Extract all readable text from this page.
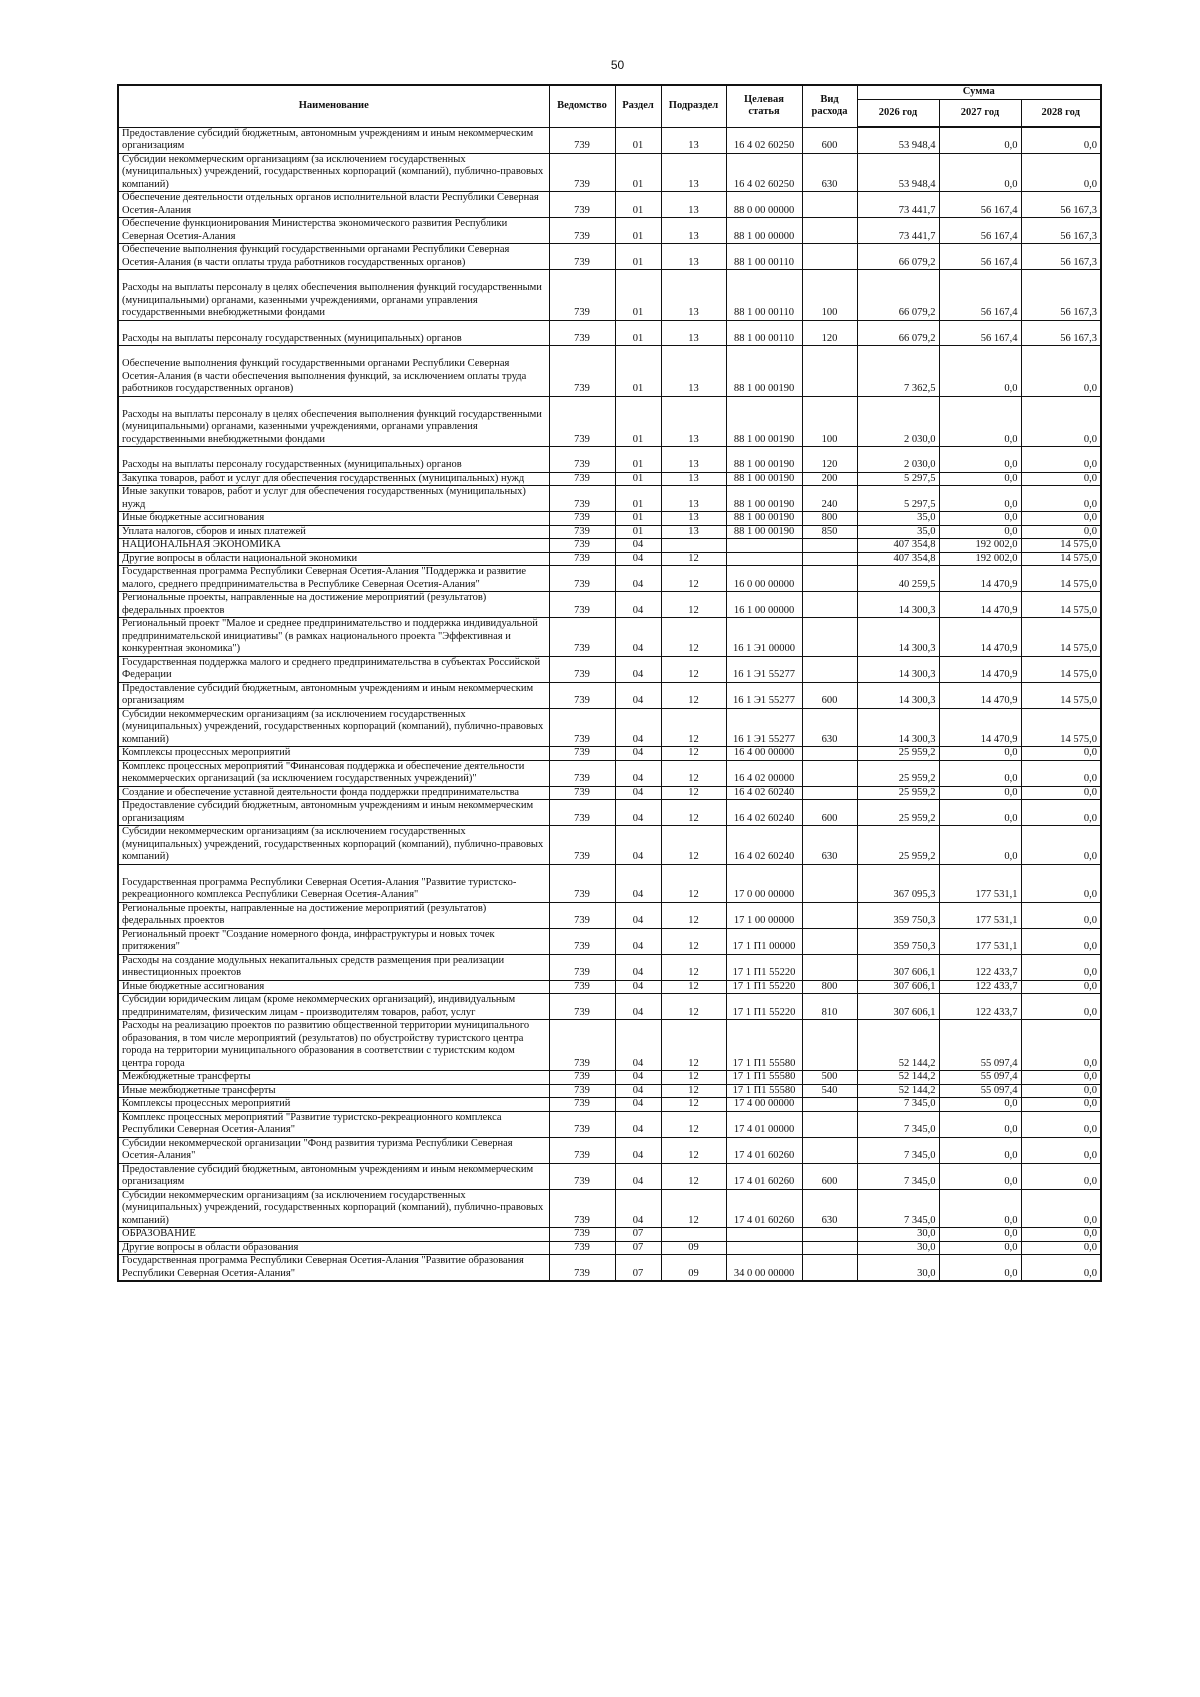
50
Наименование	Ведомство	Раздел	Подраздел	Целевая статья	Вид расхода	Сумма		
						2026 год	2027 год	2028 год
Предоставление субсидий бюджетным, автономным учреждениям и иным некоммерческим организациям	739	01	13	16 4 02 60250	600	53 948,4	0,0	0,0
Субсидии некоммерческим организациям (за исключением государственных (муниципальных) учреждений, государственных корпораций (компаний), публично-правовых компаний)	739	01	13	16 4 02 60250	630	53 948,4	0,0	0,0
Обеспечение деятельности отдельных органов исполнительной власти Республики Северная Осетия-Алания	739	01	13	88 0 00 00000		73 441,7	56 167,4	56 167,3
Обеспечение функционирования Министерства экономического развития Республики Северная Осетия-Алания	739	01	13	88 1 00 00000		73 441,7	56 167,4	56 167,3
Обеспечение выполнения функций государственными органами Республики Северная Осетия-Алания (в части оплаты труда работников государственных органов)	739	01	13	88 1 00 00110		66 079,2	56 167,4	56 167,3
Расходы на выплаты персоналу в целях обеспечения выполнения функций государственными (муниципальными) органами, казенными учреждениями, органами управления государственными внебюджетными фондами	739	01	13	88 1 00 00110	100	66 079,2	56 167,4	56 167,3
Расходы на выплаты персоналу государственных (муниципальных) органов	739	01	13	88 1 00 00110	120	66 079,2	56 167,4	56 167,3
Обеспечение выполнения функций государственными органами Республики Северная Осетия-Алания (в части обеспечения выполнения функций, за исключением оплаты труда работников государственных органов)	739	01	13	88 1 00 00190		7 362,5	0,0	0,0
Расходы на выплаты персоналу в целях обеспечения выполнения функций государственными (муниципальными) органами, казенными учреждениями, органами управления государственными внебюджетными фондами	739	01	13	88 1 00 00190	100	2 030,0	0,0	0,0
Расходы на выплаты персоналу государственных (муниципальных) органов	739	01	13	88 1 00 00190	120	2 030,0	0,0	0,0
Закупка товаров, работ и услуг для обеспечения государственных (муниципальных) нужд	739	01	13	88 1 00 00190	200	5 297,5	0,0	0,0
Иные закупки товаров, работ и услуг для обеспечения государственных (муниципальных) нужд	739	01	13	88 1 00 00190	240	5 297,5	0,0	0,0
Иные бюджетные ассигнования	739	01	13	88 1 00 00190	800	35,0	0,0	0,0
Уплата налогов, сборов и иных платежей	739	01	13	88 1 00 00190	850	35,0	0,0	0,0
НАЦИОНАЛЬНАЯ ЭКОНОМИКА	739	04				407 354,8	192 002,0	14 575,0
Другие вопросы в области национальной экономики	739	04	12			407 354,8	192 002,0	14 575,0
Государственная программа Республики Северная Осетия-Алания "Поддержка и развитие малого, среднего предпринимательства в Республике Северная Осетия-Алания"	739	04	12	16 0 00 00000		40 259,5	14 470,9	14 575,0
Региональные проекты, направленные на достижение мероприятий (результатов) федеральных проектов	739	04	12	16 1 00 00000		14 300,3	14 470,9	14 575,0
Региональный проект "Малое и среднее предпринимательство и поддержка индивидуальной предпринимательской инициативы" (в рамках национального проекта "Эффективная и конкурентная экономика")	739	04	12	16 1 Э1 00000		14 300,3	14 470,9	14 575,0
Государственная поддержка малого и среднего предпринимательства в субъектах Российской Федерации	739	04	12	16 1 Э1 55277		14 300,3	14 470,9	14 575,0
Предоставление субсидий бюджетным, автономным учреждениям и иным некоммерческим организациям	739	04	12	16 1 Э1 55277	600	14 300,3	14 470,9	14 575,0
Субсидии некоммерческим организациям (за исключением государственных (муниципальных) учреждений, государственных корпораций (компаний), публично-правовых компаний)	739	04	12	16 1 Э1 55277	630	14 300,3	14 470,9	14 575,0
Комплексы процессных мероприятий	739	04	12	16 4 00 00000		25 959,2	0,0	0,0
Комплекс процессных мероприятий "Финансовая поддержка и обеспечение деятельности некоммерческих организаций (за исключением государственных учреждений)"	739	04	12	16 4 02 00000		25 959,2	0,0	0,0
Создание и обеспечение уставной деятельности фонда поддержки предпринимательства	739	04	12	16 4 02 60240		25 959,2	0,0	0,0
Предоставление субсидий бюджетным, автономным учреждениям и иным некоммерческим организациям	739	04	12	16 4 02 60240	600	25 959,2	0,0	0,0
Субсидии некоммерческим организациям (за исключением государственных (муниципальных) учреждений, государственных корпораций (компаний), публично-правовых компаний)	739	04	12	16 4 02 60240	630	25 959,2	0,0	0,0
Государственная программа Республики Северная Осетия-Алания "Развитие туристско-рекреационного комплекса Республики Северная Осетия-Алания"	739	04	12	17 0 00 00000		367 095,3	177 531,1	0,0
Региональные проекты, направленные на достижение мероприятий (результатов) федеральных проектов	739	04	12	17 1 00 00000		359 750,3	177 531,1	0,0
Региональный проект "Создание номерного фонда, инфраструктуры и новых точек притяжения"	739	04	12	17 1 П1 00000		359 750,3	177 531,1	0,0
Расходы на создание модульных некапитальных средств размещения при реализации инвестиционных проектов	739	04	12	17 1 П1 55220		307 606,1	122 433,7	0,0
Иные бюджетные ассигнования	739	04	12	17 1 П1 55220	800	307 606,1	122 433,7	0,0
Субсидии юридическим лицам (кроме некоммерческих организаций), индивидуальным предпринимателям, физическим лицам - производителям товаров, работ, услуг	739	04	12	17 1 П1 55220	810	307 606,1	122 433,7	0,0
Расходы на реализацию проектов по развитию общественной территории муниципального образования, в том числе мероприятий (результатов) по обустройству туристского центра города на территории муниципального образования в соответствии с туристским кодом центра города	739	04	12	17 1 П1 55580		52 144,2	55 097,4	0,0
Межбюджетные трансферты	739	04	12	17 1 П1 55580	500	52 144,2	55 097,4	0,0
Иные межбюджетные трансферты	739	04	12	17 1 П1 55580	540	52 144,2	55 097,4	0,0
Комплексы процессных мероприятий	739	04	12	17 4 00 00000		7 345,0	0,0	0,0
Комплекс процессных мероприятий "Развитие туристско-рекреационного комплекса Республики Северная Осетия-Алания"	739	04	12	17 4 01 00000		7 345,0	0,0	0,0
Субсидии некоммерческой организации "Фонд развития туризма Республики Северная Осетия-Алания"	739	04	12	17 4 01 60260		7 345,0	0,0	0,0
Предоставление субсидий бюджетным, автономным учреждениям и иным некоммерческим организациям	739	04	12	17 4 01 60260	600	7 345,0	0,0	0,0
Субсидии некоммерческим организациям (за исключением государственных (муниципальных) учреждений, государственных корпораций (компаний), публично-правовых компаний)	739	04	12	17 4 01 60260	630	7 345,0	0,0	0,0
ОБРАЗОВАНИЕ	739	07				30,0	0,0	0,0
Другие вопросы в области образования	739	07	09			30,0	0,0	0,0
Государственная программа Республики Северная Осетия-Алания "Развитие образования Республики Северная Осетия-Алания"	739	07	09	34 0 00 00000		30,0	0,0	0,0
